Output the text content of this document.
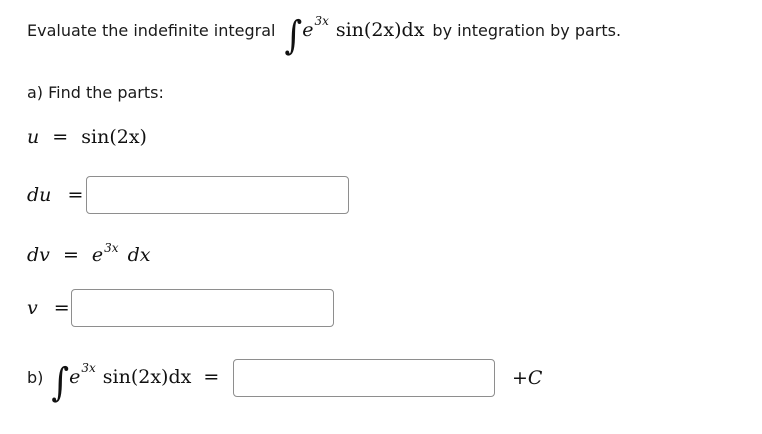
Evaluate the indefinite integral ∫ e 3x sin(2x)dx by integration by parts.
a) Find the parts:
u = sin(2x)
du =
dv = $e^{3x}$ dx
v =
b) ∫ e 3x sin(2x)dx =	+C
